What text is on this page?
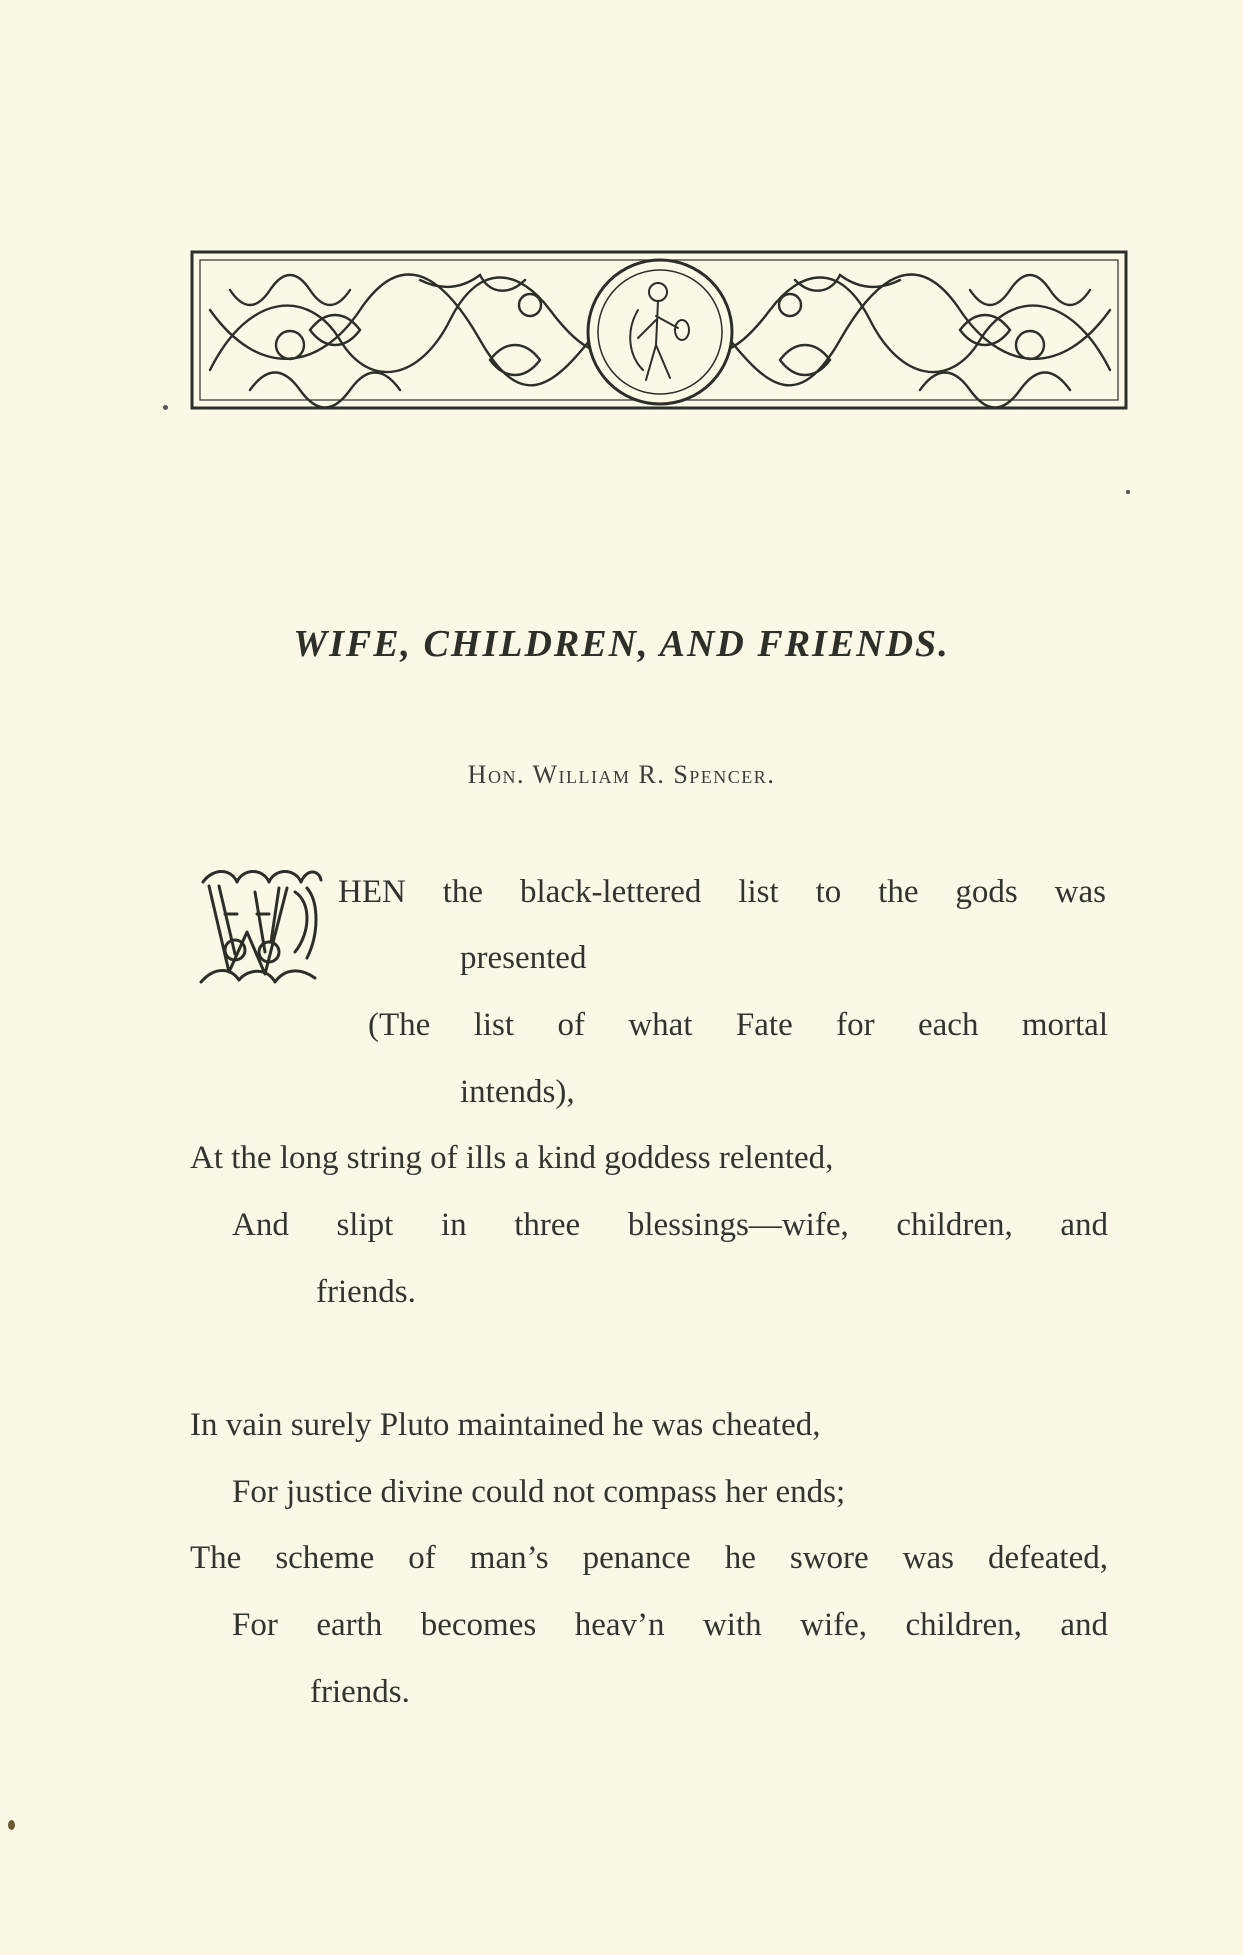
WIFE, CHILDREN, AND FRIENDS.
Hon. William R. Spencer.
HEN the black-lettered list to the gods was
presented
(The list of what Fate for each mortal
intends),
At the long string of ills a kind goddess relented,
And slipt in three blessings—wife, children, and
friends.
In vain surely Pluto maintained he was cheated,
For justice divine could not compass her ends;
The scheme of man’s penance he swore was defeated,
For earth becomes heav’n with wife, children, and
friends.
